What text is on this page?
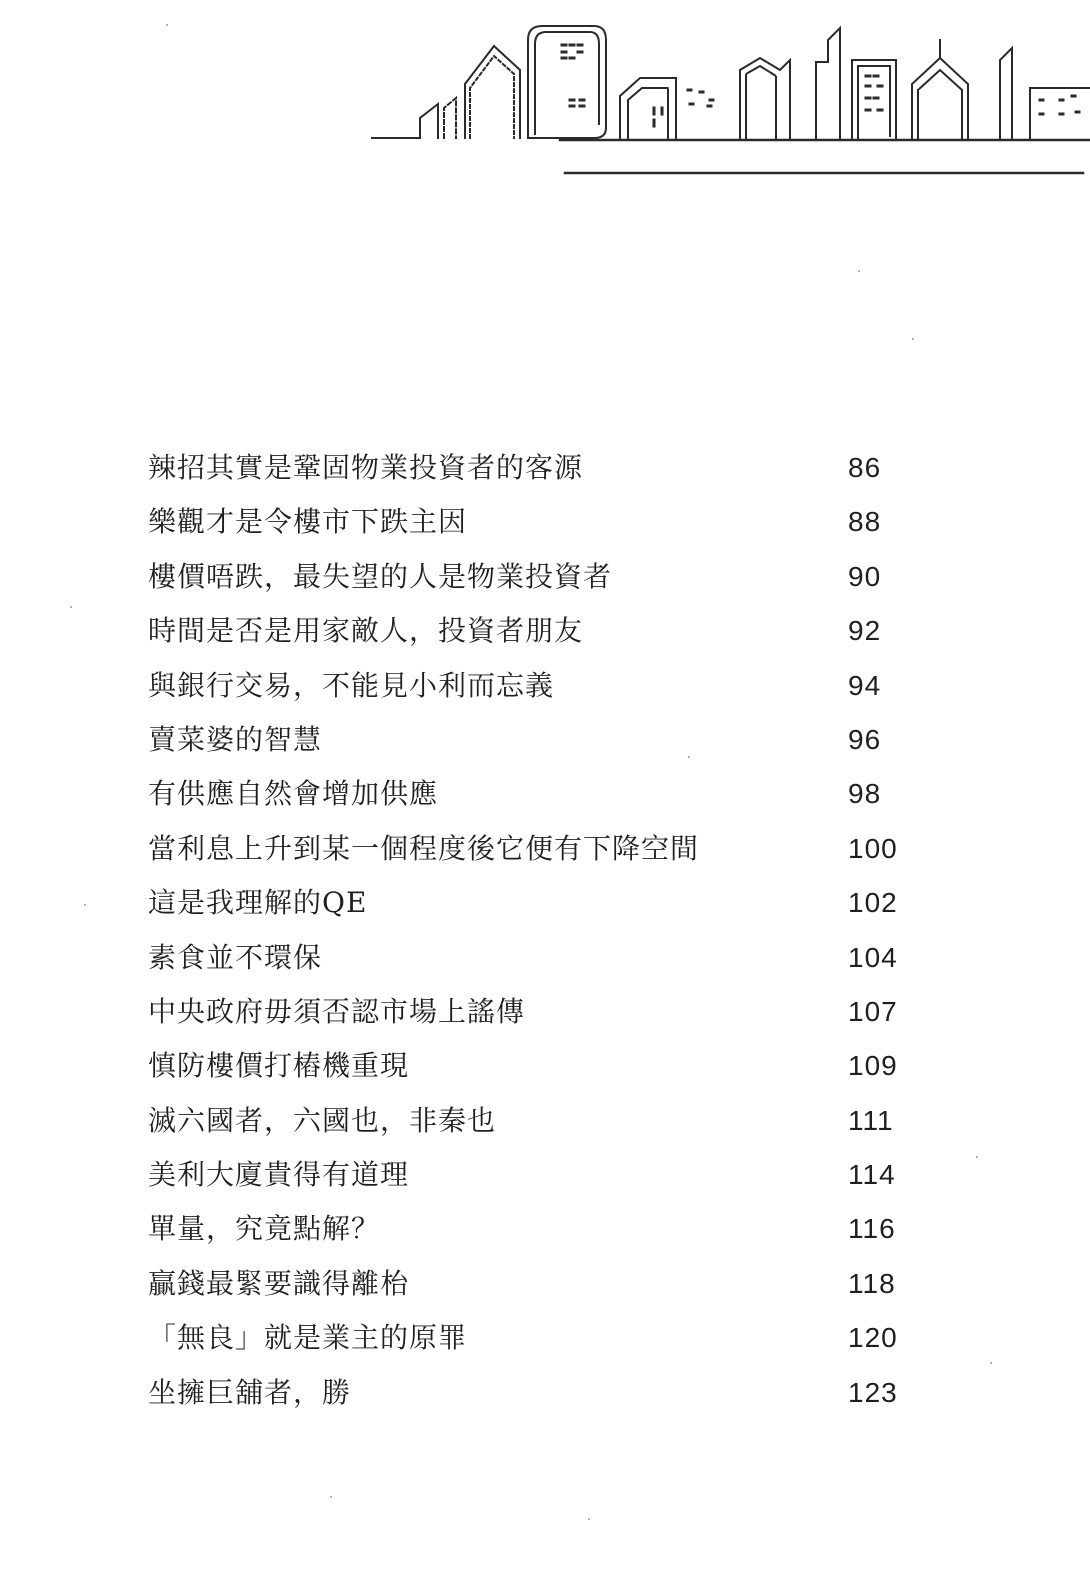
辣招其實是鞏固物業投資者的客源	86
樂觀才是令樓市下跌主因	88
樓價唔跌，最失望的人是物業投資者	90
時間是否是用家敵人，投資者朋友	92
與銀行交易，不能見小利而忘義	94
賣菜婆的智慧	96
有供應自然會增加供應	98
當利息上升到某一個程度後它便有下降空間	100
這是我理解的QE	102
素食並不環保	104
中央政府毋須否認市場上謠傳	107
慎防樓價打樁機重現	109
滅六國者，六國也，非秦也	111
美利大廈貴得有道理	114
單量，究竟點解？	116
贏錢最緊要識得離枱	118
「無良」就是業主的原罪	120
坐擁巨舖者，勝	123
